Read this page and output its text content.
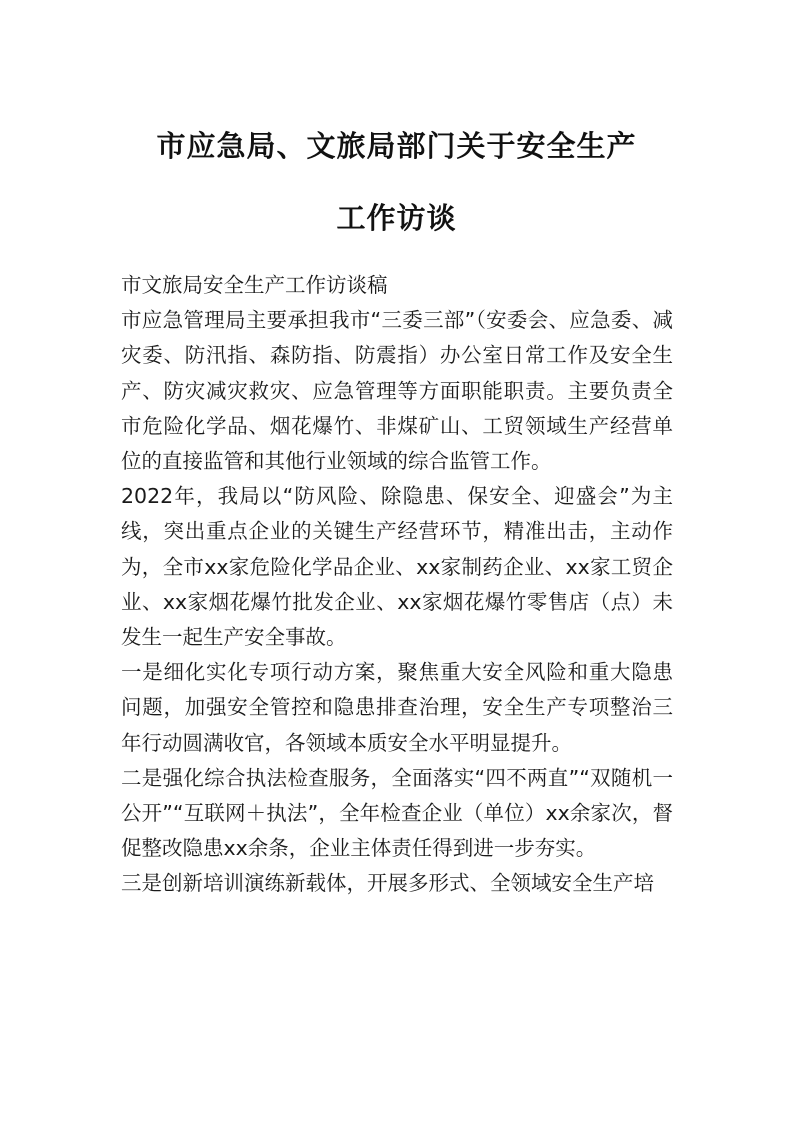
市应急局、文旅局部门关于安全生产
工作访谈

市文旅局安全生产工作访谈稿

市应急管理局主要承担我市“三委三部”（安委会、应急委、减灾委、防汛指、森防指、防震指）办公室日常工作及安全生产、防灾减灾救灾、应急管理等方面职能职责。主要负责全市危险化学品、烟花爆竹、非煤矿山、工贸领域生产经营单位的直接监管和其他行业领域的综合监管工作。

2022年，我局以“防风险、除隐患、保安全、迎盛会”为主线，突出重点企业的关键生产经营环节，精准出击，主动作为，全市xx家危险化学品企业、xx家制药企业、xx家工贸企业、xx家烟花爆竹批发企业、xx家烟花爆竹零售店（点）未发生一起生产安全事故。

一是细化实化专项行动方案，聚焦重大安全风险和重大隐患问题，加强安全管控和隐患排查治理，安全生产专项整治三年行动圆满收官，各领域本质安全水平明显提升。

二是强化综合执法检查服务，全面落实“四不两直”“双随机一公开”“互联网＋执法”，全年检查企业（单位）xx余家次，督促整改隐患xx余条，企业主体责任得到进一步夯实。

三是创新培训演练新载体，开展多形式、全领域安全生产培
